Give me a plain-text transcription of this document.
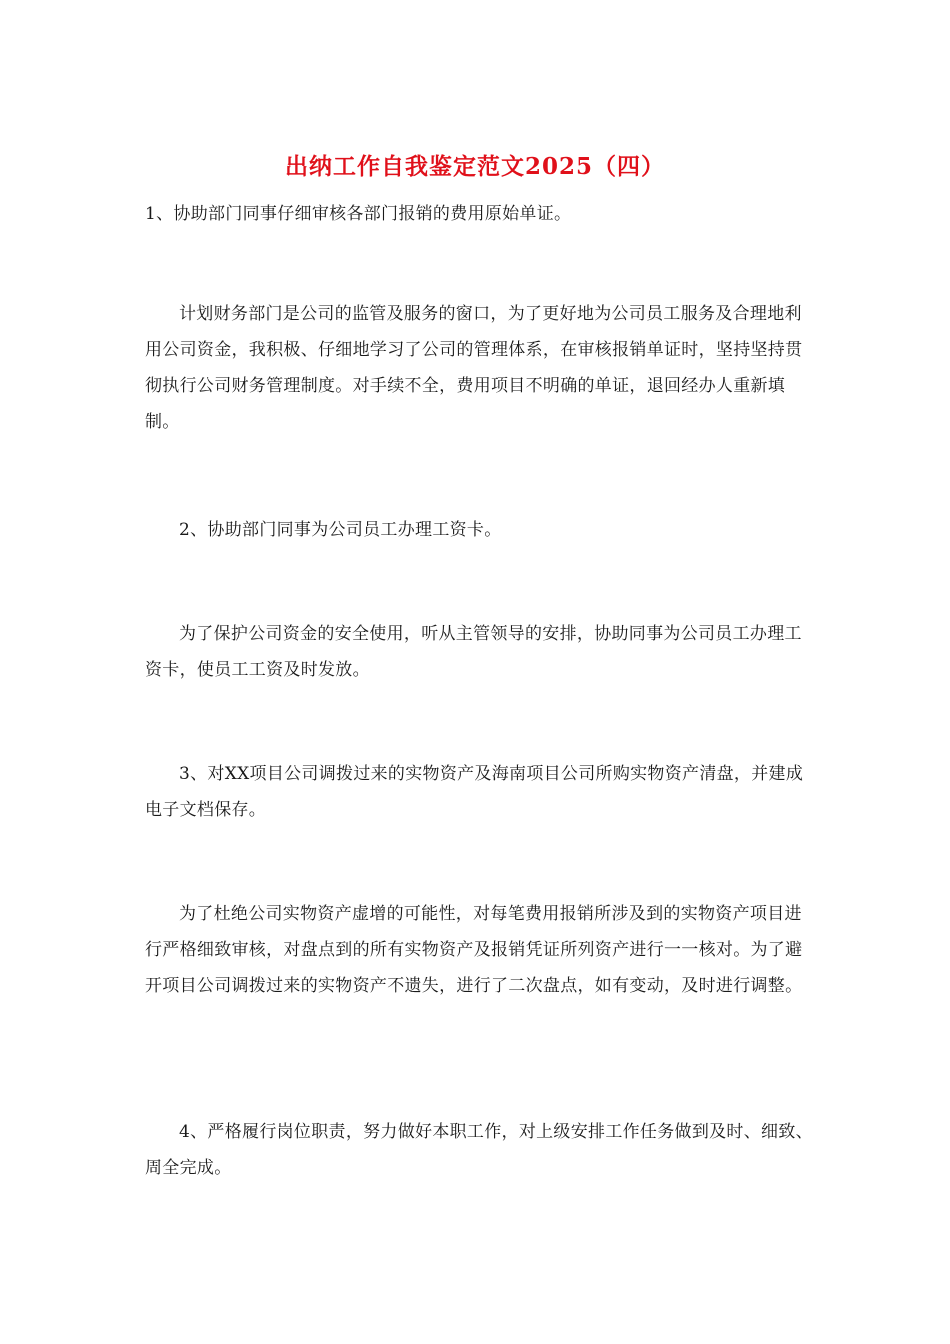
出纳工作自我鉴定范文2025（四）

1、协助部门同事仔细审核各部门报销的费用原始单证。

计划财务部门是公司的监管及服务的窗口，为了更好地为公司员工服务及合理地利用公司资金，我积极、仔细地学习了公司的管理体系，在审核报销单证时，坚持坚持贯彻执行公司财务管理制度。对手续不全，费用项目不明确的单证，退回经办人重新填制。

2、协助部门同事为公司员工办理工资卡。

为了保护公司资金的安全使用，听从主管领导的安排，协助同事为公司员工办理工资卡，使员工工资及时发放。

3、对XX项目公司调拨过来的实物资产及海南项目公司所购实物资产清盘，并建成电子文档保存。

为了杜绝公司实物资产虚增的可能性，对每笔费用报销所涉及到的实物资产项目进行严格细致审核，对盘点到的所有实物资产及报销凭证所列资产进行一一核对。为了避开项目公司调拨过来的实物资产不遗失，进行了二次盘点，如有变动，及时进行调整。

4、严格履行岗位职责，努力做好本职工作，对上级安排工作任务做到及时、细致、周全完成。
